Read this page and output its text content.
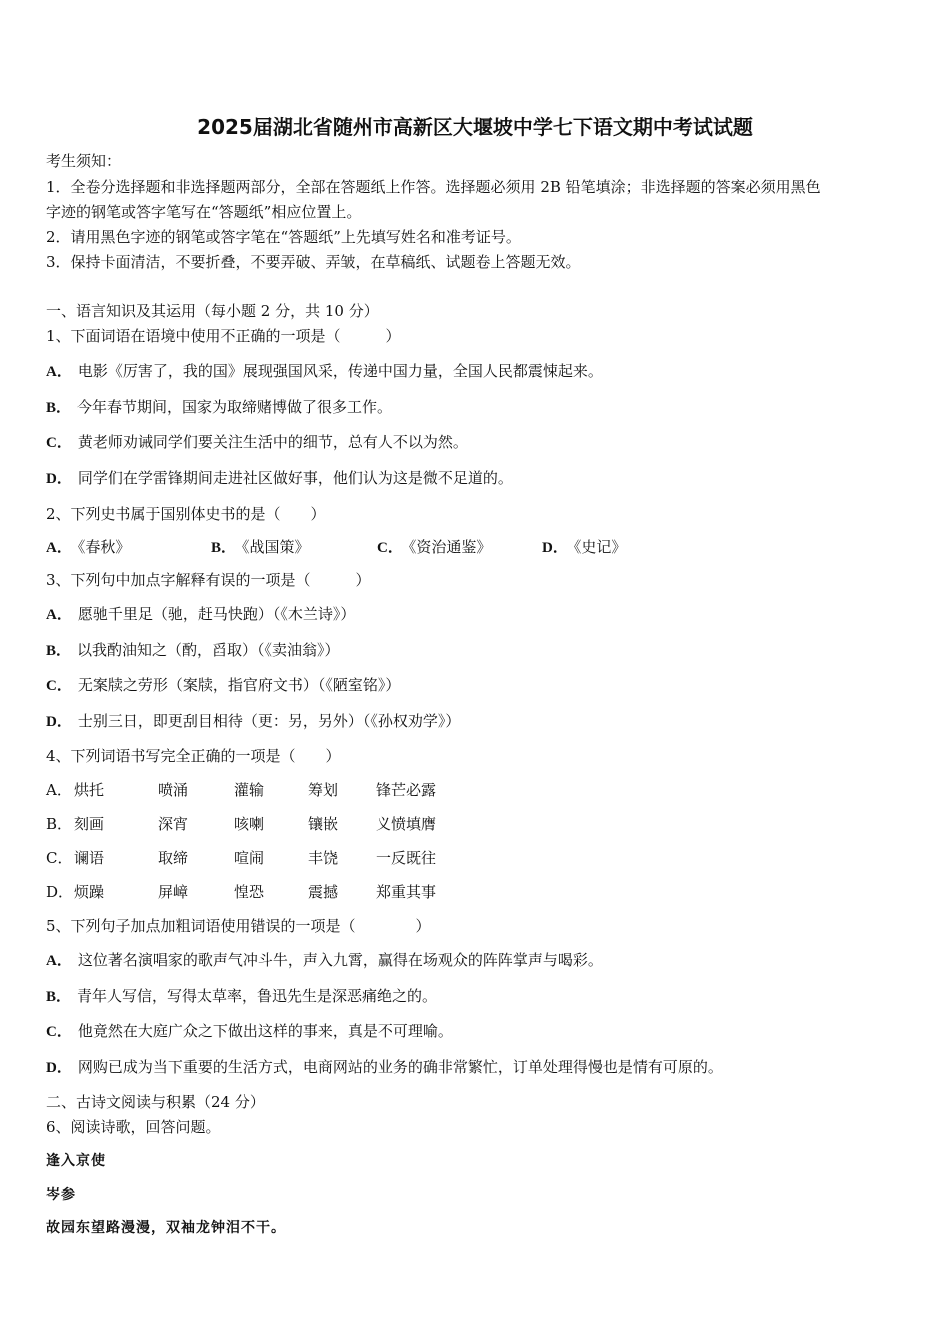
2025届湖北省随州市高新区大堰坡中学七下语文期中考试试题
考生须知：
1．全卷分选择题和非选择题两部分，全部在答题纸上作答。选择题必须用 2B 铅笔填涂；非选择题的答案必须用黑色
字迹的钢笔或答字笔写在“答题纸”相应位置上。
2．请用黑色字迹的钢笔或答字笔在“答题纸”上先填写姓名和准考证号。
3．保持卡面清洁，不要折叠，不要弄破、弄皱，在草稿纸、试题卷上答题无效。
一、语言知识及其运用（每小题 2 分，共 10 分）
1、下面词语在语境中使用不正确的一项是（　　　）
A． 电影《厉害了，我的国》展现强国风采，传递中国力量，全国人民都震悚起来。
B． 今年春节期间，国家为取缔赌博做了很多工作。
C． 黄老师劝诫同学们要关注生活中的细节，总有人不以为然。
D． 同学们在学雷锋期间走进社区做好事，他们认为这是微不足道的。
2、下列史书属于国别体史书的是（　　）
A． 《春秋》	B． 《战国策》	C． 《资治通鉴》	D． 《史记》
3、下列句中加点字解释有误的一项是（　　　）
A． 愿驰千里足（驰，赶马快跑）（《木兰诗》）
B． 以我酌油知之（酌，舀取）（《卖油翁》）
C． 无案牍之劳形（案牍，指官府文书）（《陋室铭》）
D． 士别三日，即更刮目相待（更：另，另外）（《孙权劝学》）
4、下列词语书写完全正确的一项是（　　）
A． 烘托	喷涌	灌输	筹划	锋芒必露
B． 刻画	深宵	咳喇	镶嵌	义愤填膺
C． 谰语	取缔	喧闹	丰饶	一反既往
D． 烦躁	屏嶂	惶恐	震撼	郑重其事
5、下列句子加点加粗词语使用错误的一项是（　　　　）
A． 这位著名演唱家的歌声气冲斗牛，声入九霄，赢得在场观众的阵阵掌声与喝彩。
B． 青年人写信，写得太草率，鲁迅先生是深恶痛绝之的。
C． 他竟然在大庭广众之下做出这样的事来，真是不可理喻。
D． 网购已成为当下重要的生活方式，电商网站的业务的确非常繁忙，订单处理得慢也是情有可原的。
二、古诗文阅读与积累（24 分）
6、阅读诗歌，回答问题。
逢入京使
岑参
故园东望路漫漫，双袖龙钟泪不干。
